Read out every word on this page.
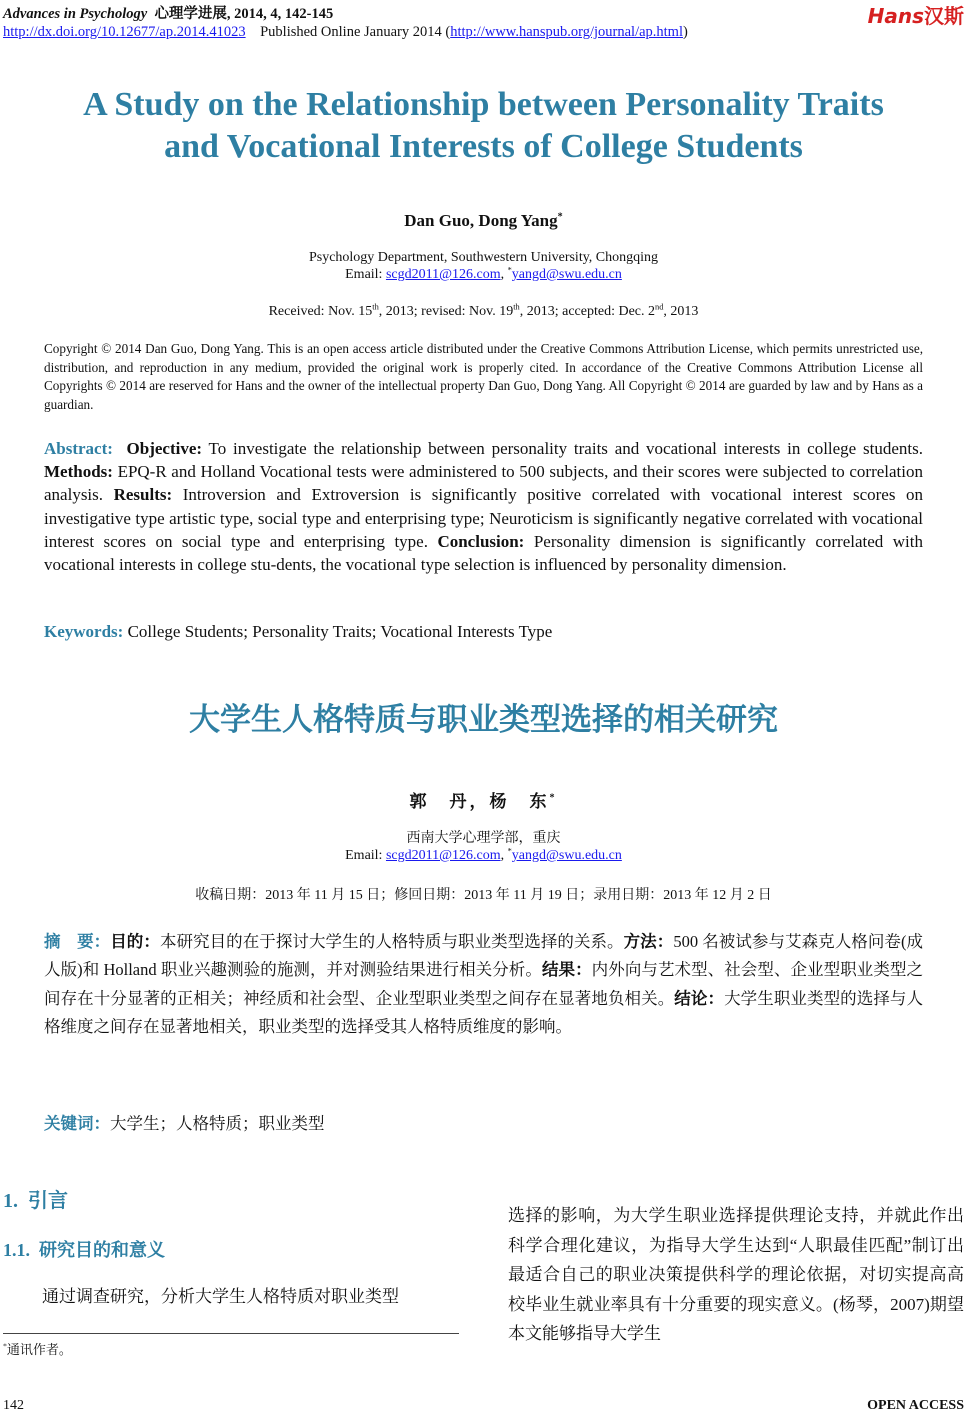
Advances in Psychology 心理学进展, 2014, 4, 142-145
http://dx.doi.org/10.12677/ap.2014.41023 Published Online January 2014 (http://www.hanspub.org/journal/ap.html)
Hans汉斯
A Study on the Relationship between Personality Traits
and Vocational Interests of College Students
Dan Guo, Dong Yang*
Psychology Department, Southwestern University, Chongqing
Email: scgd2011@126.com, *yangd@swu.edu.cn
Received: Nov. 15th, 2013; revised: Nov. 19th, 2013; accepted: Dec. 2nd, 2013
Copyright © 2014 Dan Guo, Dong Yang. This is an open access article distributed under the Creative Commons Attribution License, which permits unrestricted use, distribution, and reproduction in any medium, provided the original work is properly cited. In accordance of the Creative Commons Attribution License all Copyrights © 2014 are reserved for Hans and the owner of the intellectual property Dan Guo, Dong Yang. All Copyright © 2014 are guarded by law and by Hans as a guardian.
Abstract: Objective: To investigate the relationship between personality traits and vocational interests in college students. Methods: EPQ-R and Holland Vocational tests were administered to 500 subjects, and their scores were subjected to correlation analysis. Results: Introversion and Extroversion is significantly positive correlated with vocational interest scores on investigative type artistic type, social type and enterprising type; Neuroticism is significantly negative correlated with vocational interest scores on social type and enterprising type. Conclusion: Personality dimension is significantly correlated with vocational interests in college stu-dents, the vocational type selection is influenced by personality dimension.
Keywords: College Students; Personality Traits; Vocational Interests Type
大学生人格特质与职业类型选择的相关研究
郭　丹，杨　东*
西南大学心理学部，重庆
Email: scgd2011@126.com, *yangd@swu.edu.cn
收稿日期：2013 年 11 月 15 日；修回日期：2013 年 11 月 19 日；录用日期：2013 年 12 月 2 日
摘　要：目的：本研究目的在于探讨大学生的人格特质与职业类型选择的关系。方法：500 名被试参与艾森克人格问卷(成人版)和 Holland 职业兴趣测验的施测，并对测验结果进行相关分析。结果：内外向与艺术型、社会型、企业型职业类型之间存在十分显著的正相关；神经质和社会型、企业型职业类型之间存在显著地负相关。结论：大学生职业类型的选择与人格维度之间存在显著地相关，职业类型的选择受其人格特质维度的影响。
关键词：大学生；人格特质；职业类型
1. 引言
1.1. 研究目的和意义
通过调查研究，分析大学生人格特质对职业类型
*通讯作者。
选择的影响，为大学生职业选择提供理论支持，并就此作出科学合理化建议，为指导大学生达到“人职最佳匹配”制订出最适合自己的职业决策提供科学的理论依据，对切实提高高校毕业生就业率具有十分重要的现实意义。(杨琴，2007)期望本文能够指导大学生
142	OPEN ACCESS
